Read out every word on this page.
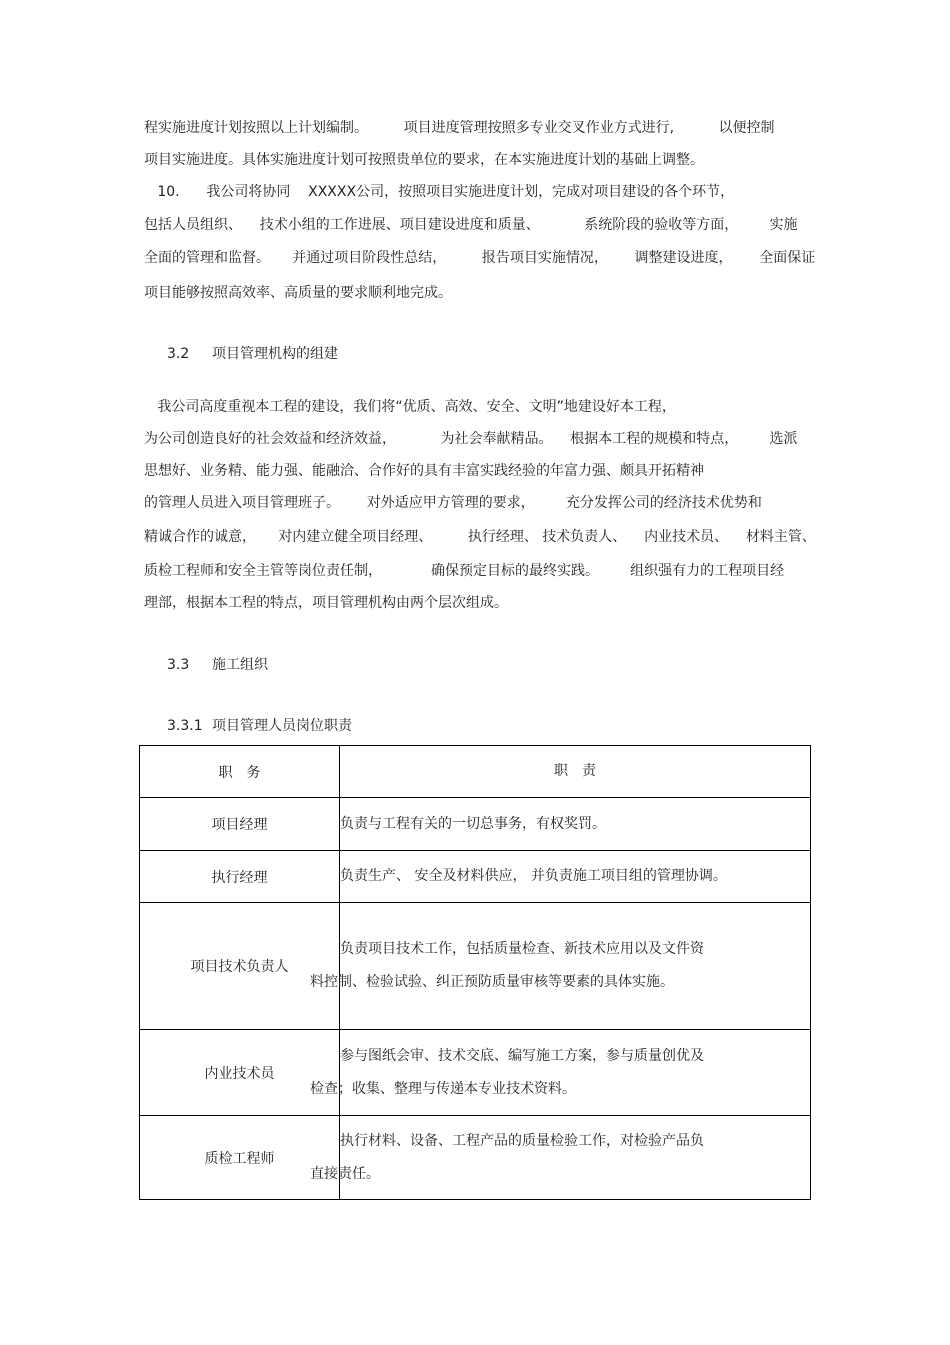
程实施进度计划按照以上计划编制。        项目进度管理按照多专业交叉作业方式进行,          以便控制
项目实施进度。具体实施进度计划可按照贵单位的要求，在本实施进度计划的基础上调整。
10.      我公司将协同    XXXXX公司，按照项目实施进度计划，完成对项目建设的各个环节，
包括人员组织、    技术小组的工作进展、项目建设进度和质量、          系统阶段的验收等方面，       实施
全面的管理和监督。     并通过项目阶段性总结，        报告项目实施情况，      调整建设进度，      全面保证
项目能够按照高效率、高质量的要求顺利地完成。
3.2 项目管理机构的组建
我公司高度重视本工程的建设，我们将“优质、高效、安全、文明”地建设好本工程，
为公司创造良好的社会效益和经济效益，          为社会奉献精品。    根据本工程的规模和特点，       选派
思想好、业务精、能力强、能融洽、合作好的具有丰富实践经验的年富力强、颇具开拓精神
的管理人员进入项目管理班子。      对外适应甲方管理的要求，       充分发挥公司的经济技术优势和
精诚合作的诚意，     对内建立健全项目经理、        执行经理、 技术负责人、    内业技术员、    材料主管、
质检工程师和安全主管等岗位责任制，           确保预定目标的最终实践。       组织强有力的工程项目经
理部，根据本工程的特点，项目管理机构由两个层次组成。
3.3 施工组织
3.3.1 项目管理人员岗位职责
职　务	职　责
项目经理	负责与工程有关的一切总事务，有权奖罚。

执行经理	负责生产、 安全及材料供应， 并负责施工项目组的管理协调。

项目技术负责人	负责项目技术工作，包括质量检查、新技术应用以及文件资
料控制、检验试验、纠正预防质量审核等要素的具体实施。

内业技术员	参与图纸会审、技术交底、编写施工方案，参与质量创优及
检查；收集、整理与传递本专业技术资料。

质检工程师	执行材料、设备、工程产品的质量检验工作，对检验产品负
直接责任。
